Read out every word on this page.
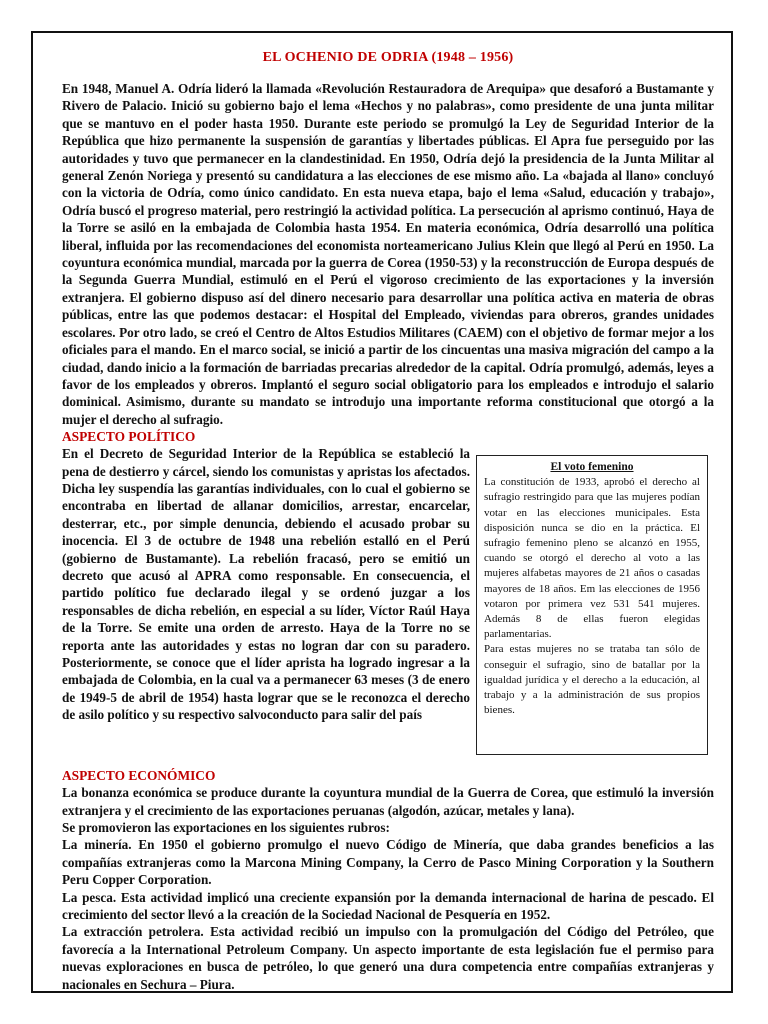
EL OCHENIO DE ODRIA (1948 – 1956)

En 1948, Manuel A. Odría lideró la llamada «Revolución Restauradora de Arequipa» que desaforó a Bustamante y Rivero de Palacio. Inició su gobierno bajo el lema «Hechos y no palabras», como presidente de una junta militar que se mantuvo en el poder hasta 1950. Durante este periodo se promulgó la Ley de Seguridad Interior de la República que hizo permanente la suspensión de garantías y libertades públicas. El Apra fue perseguido por las autoridades y tuvo que permanecer en la clandestinidad. En 1950, Odría dejó la presidencia de la Junta Militar al general Zenón Noriega y presentó su candidatura a las elecciones de ese mismo año. La «bajada al llano» concluyó con la victoria de Odría, como único candidato. En esta nueva etapa, bajo el lema «Salud, educación y trabajo», Odría buscó el progreso material, pero restringió la actividad política. La persecución al aprismo continuó, Haya de la Torre se asiló en la embajada de Colombia hasta 1954. En materia económica, Odría desarrolló una política liberal, influida por las recomendaciones del economista norteamericano Julius Klein que llegó al Perú en 1950. La coyuntura económica mundial, marcada por la guerra de Corea (1950-53) y la reconstrucción de Europa después de la Segunda Guerra Mundial, estimuló en el Perú el vigoroso crecimiento de las exportaciones y la inversión extranjera. El gobierno dispuso así del dinero necesario para desarrollar una política activa en materia de obras públicas, entre las que podemos destacar: el Hospital del Empleado, viviendas para obreros, grandes unidades escolares. Por otro lado, se creó el Centro de Altos Estudios Militares (CAEM) con el objetivo de formar mejor a los oficiales para el mando. En el marco social, se inició a partir de los cincuentas una masiva migración del campo a la ciudad, dando inicio a la formación de barriadas precarias alrededor de la capital. Odría promulgó, además, leyes a favor de los empleados y obreros. Implantó el seguro social obligatorio para los empleados e introdujo el salario dominical. Asimismo, durante su mandato se introdujo una importante reforma constitucional que otorgó a la mujer el derecho al sufragio.

ASPECTO POLÍTICO

En el Decreto de Seguridad Interior de la República se estableció la pena de destierro y cárcel, siendo los comunistas y apristas los afectados. Dicha ley suspendía las garantías individuales, con lo cual el gobierno se encontraba en libertad de allanar domicilios, arrestar, encarcelar, desterrar, etc., por simple denuncia, debiendo el acusado probar su inocencia. El 3 de octubre de 1948 una rebelión estalló en el Perú (gobierno de Bustamante). La rebelión fracasó, pero se emitió un decreto que acusó al APRA como responsable. En consecuencia, el partido político fue declarado ilegal y se ordenó juzgar a los responsables de dicha rebelión, en especial a su líder, Víctor Raúl Haya de la Torre. Se emite una orden de arresto. Haya de la Torre no se reporta ante las autoridades y estas no logran dar con su paradero. Posteriormente, se conoce que el líder aprista ha logrado ingresar a la embajada de Colombia, en la cual va a permanecer 63 meses (3 de enero de 1949-5 de abril de 1954) hasta lograr que se le reconozca el derecho de asilo político y su respectivo salvoconducto para salir del país

El voto femenino

La constitución de 1933, aprobó el derecho al sufragio restringido para que las mujeres podían votar en las elecciones municipales. Esta disposición nunca se dio en la práctica. El sufragio femenino pleno se alcanzó en 1955, cuando se otorgó el derecho al voto a las mujeres alfabetas mayores de 21 años o casadas mayores de 18 años. Em las elecciones de 1956 votaron por primera vez 531 541 mujeres. Además 8 de ellas fueron elegidas parlamentarias.

Para estas mujeres no se trataba tan sólo de conseguir el sufragio, sino de batallar por la igualdad jurídica y el derecho a la educación, al trabajo y a la administración de sus propios bienes.

ASPECTO ECONÓMICO

La bonanza económica se produce durante la coyuntura mundial de la Guerra de Corea, que estimuló la inversión extranjera y el crecimiento de las exportaciones peruanas (algodón, azúcar, metales y lana).

Se promovieron las exportaciones en los siguientes rubros:

La minería. En 1950 el gobierno promulgo el nuevo Código de Minería, que daba grandes beneficios a las compañías extranjeras como la Marcona Mining Company, la Cerro de Pasco Mining Corporation y la Southern Peru Copper Corporation.

La pesca. Esta actividad implicó una creciente expansión por la demanda internacional de harina de pescado. El crecimiento del sector llevó a la creación de la Sociedad Nacional de Pesquería en 1952.

La extracción petrolera. Esta actividad recibió un impulso con la promulgación del Código del Petróleo, que favorecía a la International Petroleum Company. Un aspecto importante de esta legislación fue el permiso para nuevas exploraciones en busca de petróleo, lo que generó una dura competencia entre compañías extranjeras y nacionales en Sechura – Piura.
